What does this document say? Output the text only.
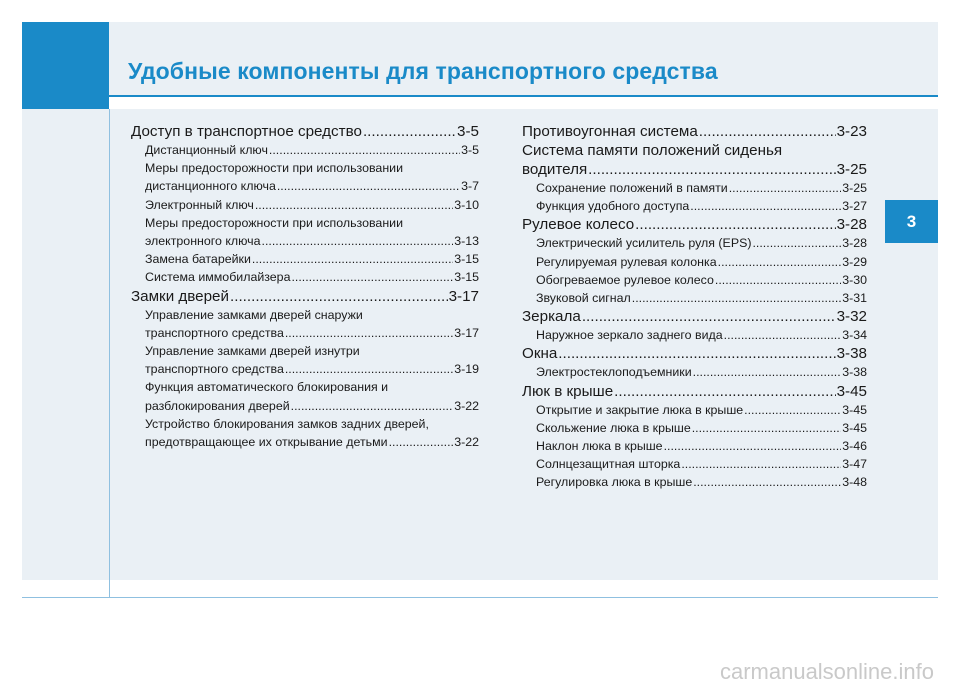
Удобные компоненты для транспортного средства
3
Доступ в транспортное средство .....	3-5
Дистанционный ключ .....	3-5
Меры предосторожности при использовании
дистанционного ключа .....	3-7
Электронный ключ .....	3-10
Меры предосторожности при использовании
электронного ключа .....	3-13
Замена батарейки .....	3-15
Система иммобилайзера .....	3-15
Замки дверей .....	3-17
Управление замками дверей снаружи
транспортного средства .....	3-17
Управление замками дверей изнутри
транспортного средства .....	3-19
Функция автоматического блокирования и
разблокирования дверей .....	3-22
Устройство блокирования замков задних дверей,
предотвращающее их открывание детьми .....	3-22
Противоугонная система .....	3-23
Система памяти положений сиденья
водителя .....	3-25
Сохранение положений в памяти .....	3-25
Функция удобного доступа .....	3-27
Рулевое колесо .....	3-28
Электрический усилитель руля (EPS) .....	3-28
Регулируемая рулевая колонка .....	3-29
Обогреваемое рулевое колесо .....	3-30
Звуковой сигнал .....	3-31
Зеркала .....	3-32
Наружное зеркало заднего вида .....	3-34
Окна .....	3-38
Электростеклоподъемники .....	3-38
Люк в крыше .....	3-45
Открытие и закрытие люка в крыше .....	3-45
Скольжение люка в крыше .....	3-45
Наклон люка в крыше .....	3-46
Солнцезащитная шторка .....	3-47
Регулировка люка в крыше .....	3-48
carmanualsonline.info
